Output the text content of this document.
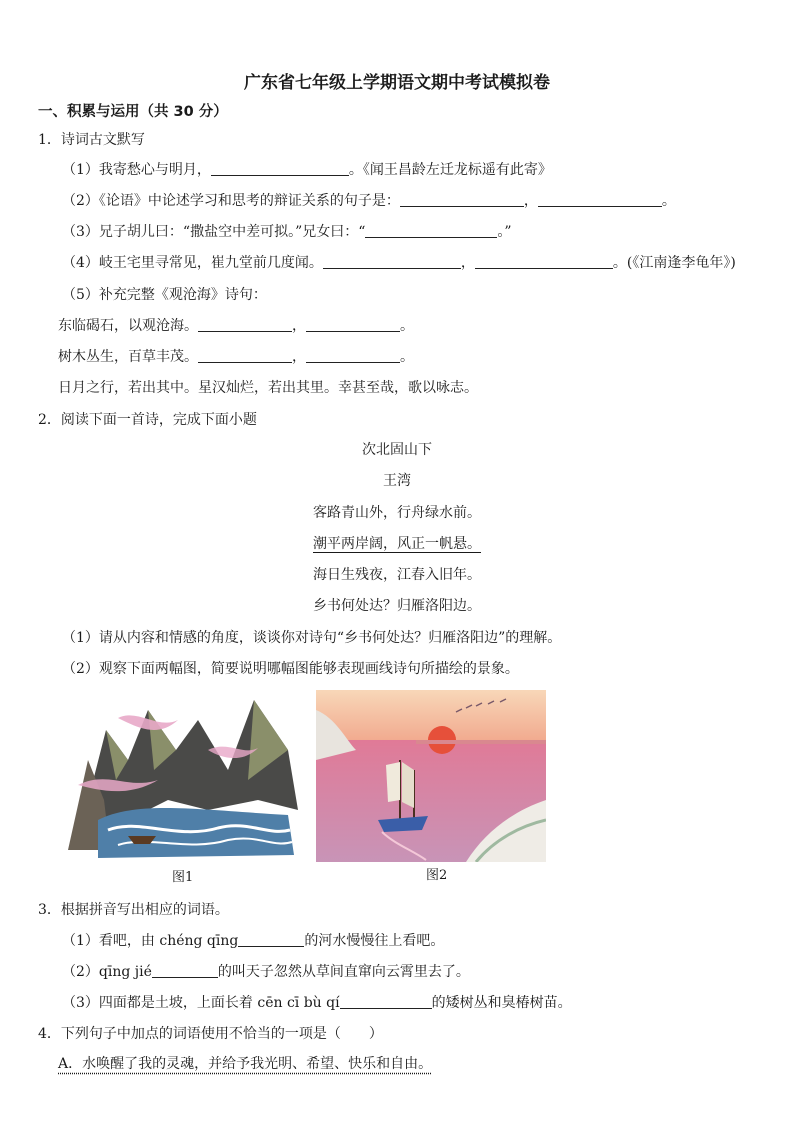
广东省七年级上学期语文期中考试模拟卷
一、积累与运用（共 30 分）
1．诗词古文默写
（1）我寄愁心与明月，	。《闻王昌龄左迁龙标遥有此寄》
（2）《论语》中论述学习和思考的辩证关系的句子是：	，	。
（3）兄子胡儿曰：“撒盐空中差可拟。”兄女曰：“	。”
（4）岐王宅里寻常见，崔九堂前几度闻。	，	。(《江南逢李龟年》)
（5）补充完整《观沧海》诗句：
东临碣石，以观沧海。	，	。
树木丛生，百草丰茂。	，	。
日月之行，若出其中。星汉灿烂，若出其里。幸甚至哉，歌以咏志。
2．阅读下面一首诗，完成下面小题
次北固山下
王湾
客路青山外，行舟绿水前。
潮平两岸阔，风正一帆悬。
海日生残夜，江春入旧年。
乡书何处达？归雁洛阳边。
（1）请从内容和情感的角度，谈谈你对诗句“乡书何处达？归雁洛阳边”的理解。
（2）观察下面两幅图，简要说明哪幅图能够表现画线诗句所描绘的景象。
图1	图2
3．根据拼音写出相应的词语。
（1）看吧，由 chéng qīng	的河水慢慢往上看吧。
（2）qīng jié	的叫天子忽然从草间直窜向云霄里去了。
（3）四面都是土坡，上面长着 cēn cī bù qí	的矮树丛和臭椿树苗。
4．下列句子中加点的词语使用不恰当的一项是（　　）
A．水唤醒了我的灵魂，并给予我光明、希望、快乐和自由。
